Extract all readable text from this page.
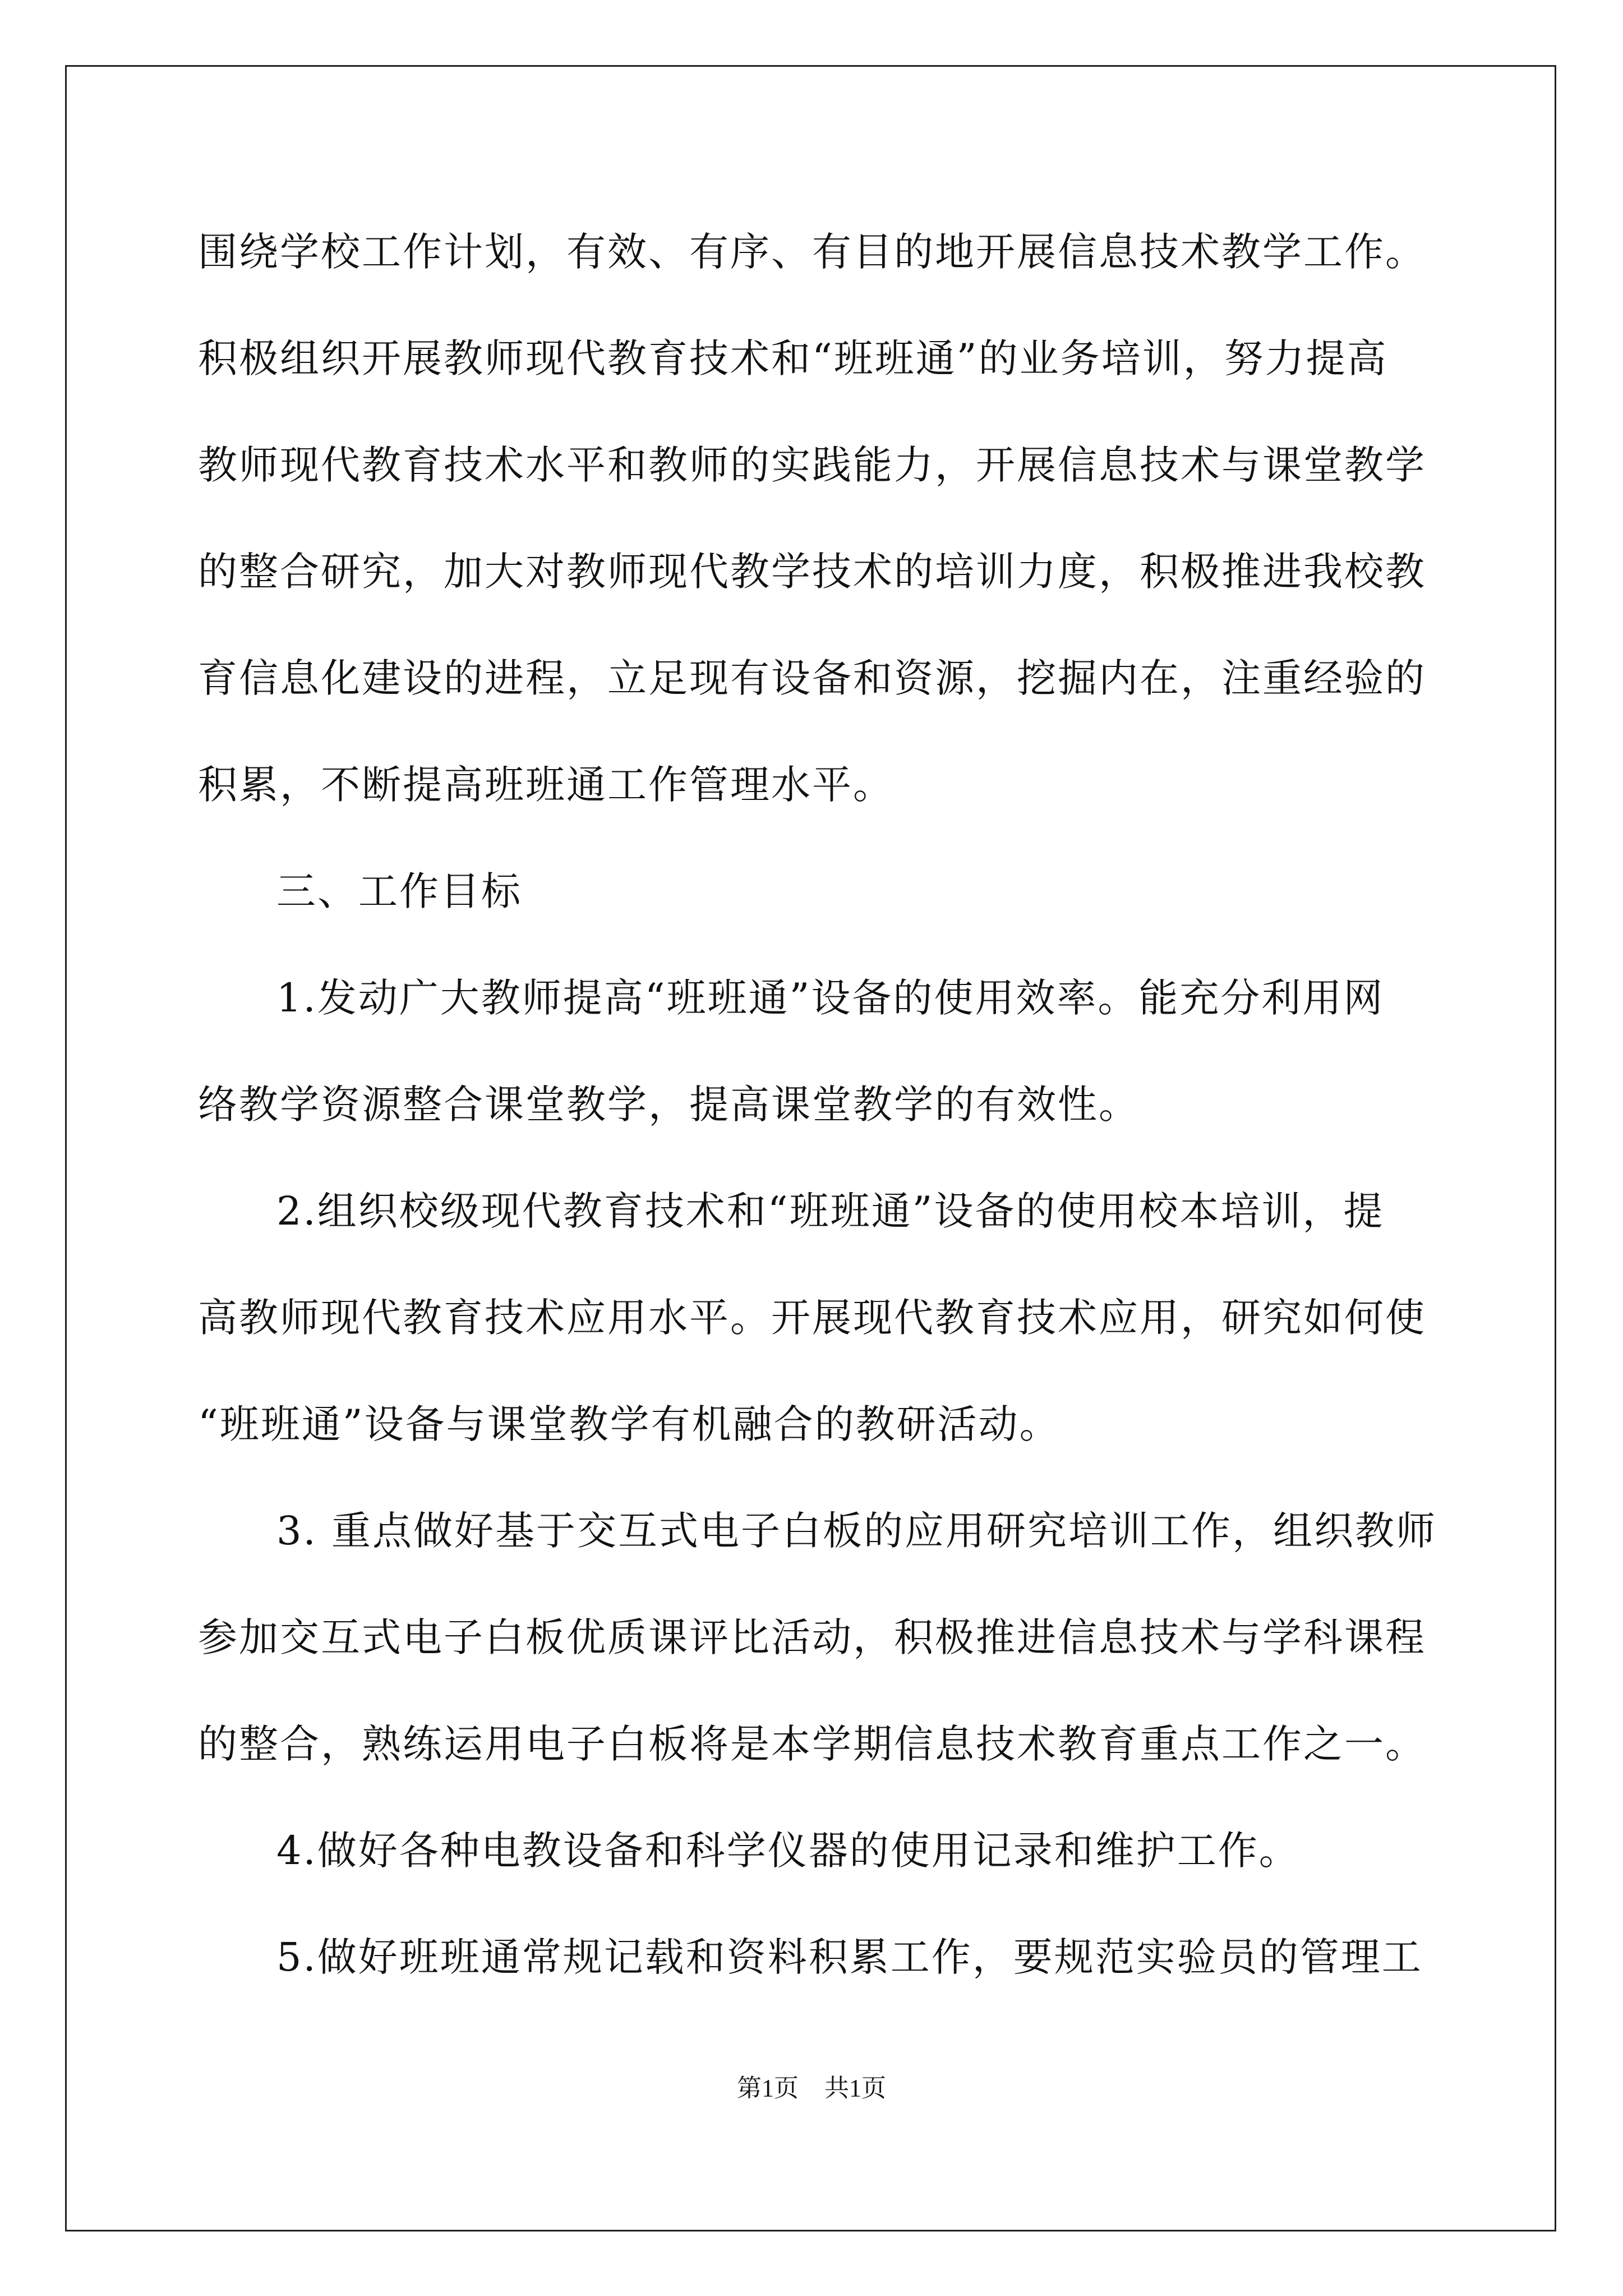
围绕学校工作计划，有效、有序、有目的地开展信息技术教学工作。
积极组织开展教师现代教育技术和“班班通”的业务培训，努力提高
教师现代教育技术水平和教师的实践能力，开展信息技术与课堂教学
的整合研究，加大对教师现代教学技术的培训力度，积极推进我校教
育信息化建设的进程，立足现有设备和资源，挖掘内在，注重经验的
积累，不断提高班班通工作管理水平。
三、工作目标
1.发动广大教师提高“班班通”设备的使用效率。能充分利用网
络教学资源整合课堂教学，提高课堂教学的有效性。
2.组织校级现代教育技术和“班班通”设备的使用校本培训，提
高教师现代教育技术应用水平。开展现代教育技术应用，研究如何使
“班班通”设备与课堂教学有机融合的教研活动。
3. 重点做好基于交互式电子白板的应用研究培训工作，组织教师
参加交互式电子白板优质课评比活动，积极推进信息技术与学科课程
的整合，熟练运用电子白板将是本学期信息技术教育重点工作之一。
4.做好各种电教设备和科学仪器的使用记录和维护工作。
5.做好班班通常规记载和资料积累工作，要规范实验员的管理工
第1页 共1页
